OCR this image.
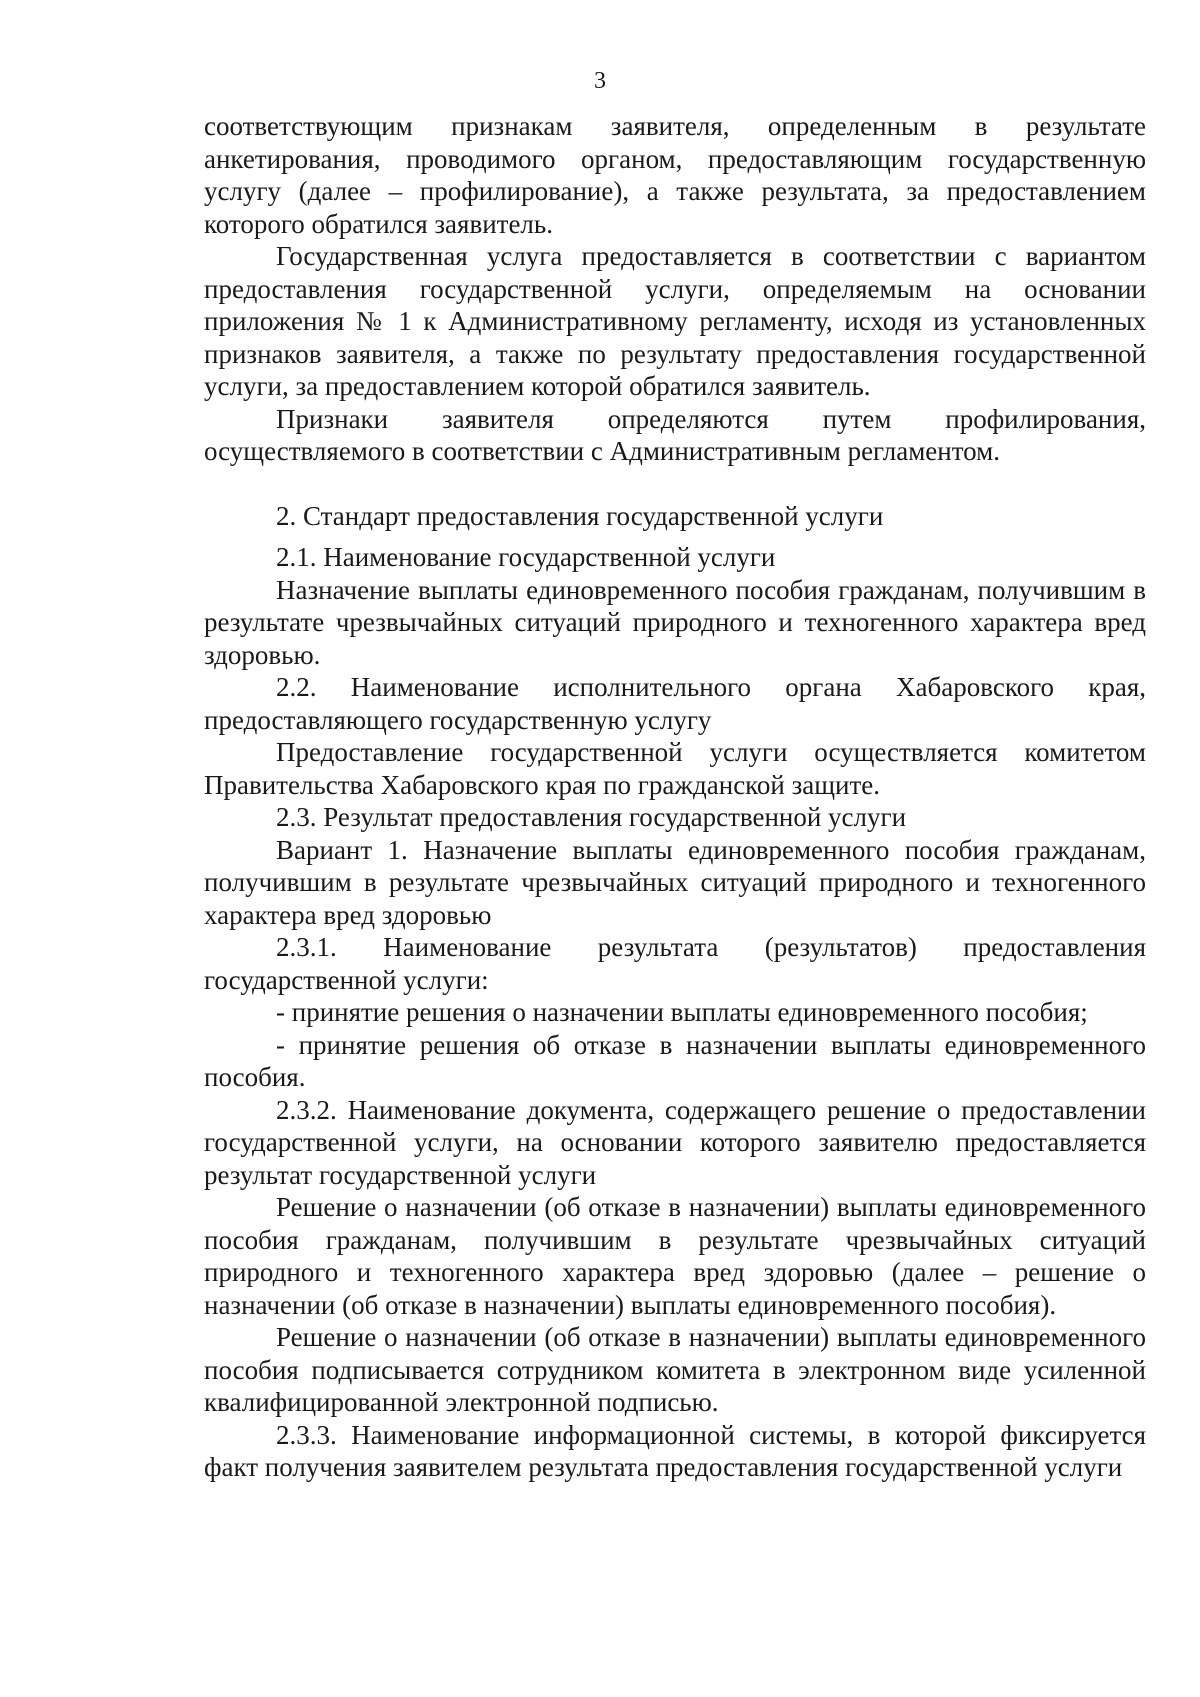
3

соответствующим признакам заявителя, определенным в результате анкетирования, проводимого органом, предоставляющим государственную услугу (далее – профилирование), а также результата, за предоставлением которого обратился заявитель.

Государственная услуга предоставляется в соответствии с вариантом предоставления государственной услуги, определяемым на основании приложения № 1 к Административному регламенту, исходя из установленных признаков заявителя, а также по результату предоставления государственной услуги, за предоставлением которой обратился заявитель.

Признаки заявителя определяются путем профилирования, осуществляемого в соответствии с Административным регламентом.

2. Стандарт предоставления государственной услуги

2.1. Наименование государственной услуги

Назначение выплаты единовременного пособия гражданам, получившим в результате чрезвычайных ситуаций природного и техногенного характера вред здоровью.

2.2. Наименование исполнительного органа Хабаровского края, предоставляющего государственную услугу

Предоставление государственной услуги осуществляется комитетом Правительства Хабаровского края по гражданской защите.

2.3. Результат предоставления государственной услуги

Вариант 1. Назначение выплаты единовременного пособия гражданам, получившим в результате чрезвычайных ситуаций природного и техногенного характера вред здоровью

2.3.1. Наименование результата (результатов) предоставления государственной услуги:

- принятие решения о назначении выплаты единовременного пособия;

- принятие решения об отказе в назначении выплаты единовременного пособия.

2.3.2. Наименование документа, содержащего решение о предоставлении государственной услуги, на основании которого заявителю предоставляется результат государственной услуги

Решение о назначении (об отказе в назначении) выплаты единовременного пособия гражданам, получившим в результате чрезвычайных ситуаций природного и техногенного характера вред здоровью (далее – решение о назначении (об отказе в назначении) выплаты единовременного пособия).

Решение о назначении (об отказе в назначении) выплаты единовременного пособия подписывается сотрудником комитета в электронном виде усиленной квалифицированной электронной подписью.

2.3.3. Наименование информационной системы, в которой фиксируется факт получения заявителем результата предоставления государственной услуги
